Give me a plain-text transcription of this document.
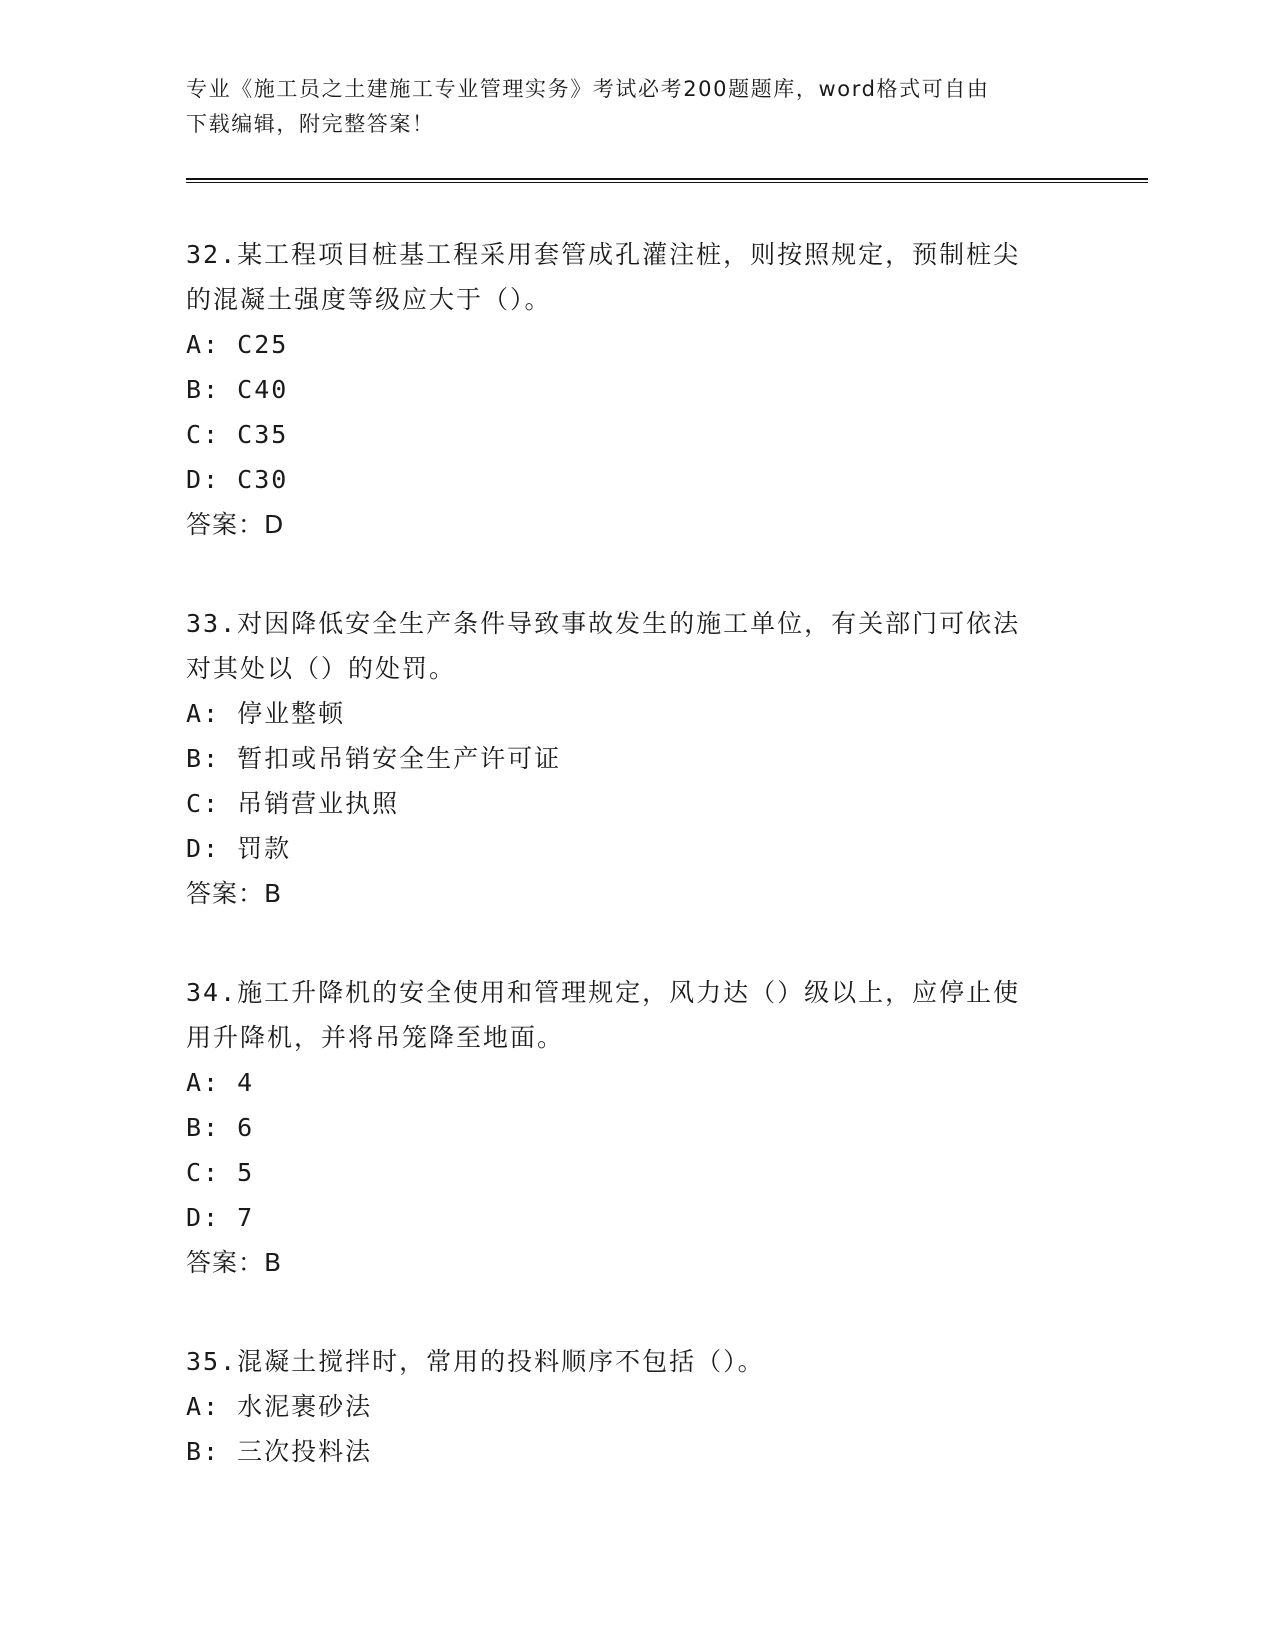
专业《施工员之土建施工专业管理实务》考试必考200题题库，word格式可自由
下载编辑，附完整答案！
32.某工程项目桩基工程采用套管成孔灌注桩，则按照规定，预制桩尖
的混凝土强度等级应大于（）。
A: C25
B: C40
C: C35
D: C30
答案：D
33.对因降低安全生产条件导致事故发生的施工单位，有关部门可依法
对其处以（）的处罚。
A: 停业整顿
B: 暂扣或吊销安全生产许可证
C: 吊销营业执照
D: 罚款
答案：B
34.施工升降机的安全使用和管理规定，风力达（）级以上，应停止使
用升降机，并将吊笼降至地面。
A: 4
B: 6
C: 5
D: 7
答案：B
35.混凝土搅拌时，常用的投料顺序不包括（）。
A: 水泥裹砂法
B: 三次投料法
